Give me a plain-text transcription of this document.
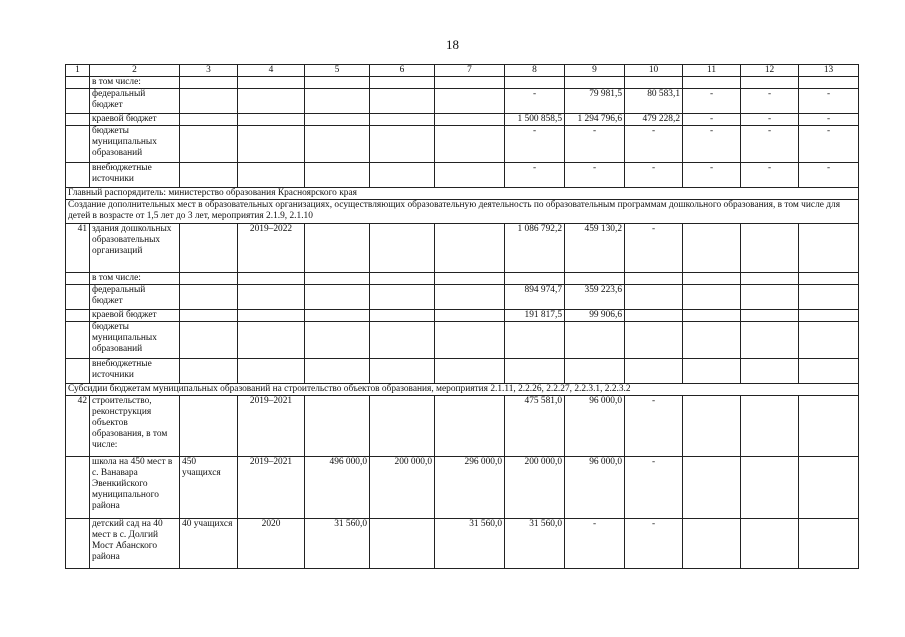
18
1	2	3	4	5	6	7	8	9	10	11	12	13
	в том числе:											
	федеральный бюджет						-	79 981,5	80 583,1	-	-	-
	краевой бюджет						1 500 858,5	1 294 796,6	479 228,2	-	-	-
	бюджеты муниципальных образований						-	-	-	-	-	-
	внебюджетные источники						-	-	-	-	-	-
Главный распорядитель: министерство образования Красноярского края												
Создание дополнительных мест в образовательных организациях, осуществляющих образовательную деятельность по образовательным программам дошкольного образования, в том числе для детей в возрасте от 1,5 лет до 3 лет, мероприятия 2.1.9, 2.1.10												
41	здания дошкольных образовательных организаций		2019–2022				1 086 792,2	459 130,2	-			
	в том числе:											
	федеральный бюджет						894 974,7	359 223,6				
	краевой бюджет						191 817,5	99 906,6				
	бюджеты муниципальных образований											
	внебюджетные источники											
Субсидии бюджетам муниципальных образований на строительство объектов образования, мероприятия 2.1.11, 2.2.26, 2.2.27, 2.2.3.1, 2.2.3.2												
42	строительство, реконструкция объектов образования, в том числе:		2019–2021				475 581,0	96 000,0	-			
	школа на 450 мест в с. Ванавара Эвенкийского муниципального района	450 учащихся	2019–2021	496 000,0	200 000,0	296 000,0	200 000,0	96 000,0	-			
	детский сад на 40 мест в с. Долгий Мост Абанского района	40 учащихся	2020	31 560,0		31 560,0	31 560,0	-	-			
